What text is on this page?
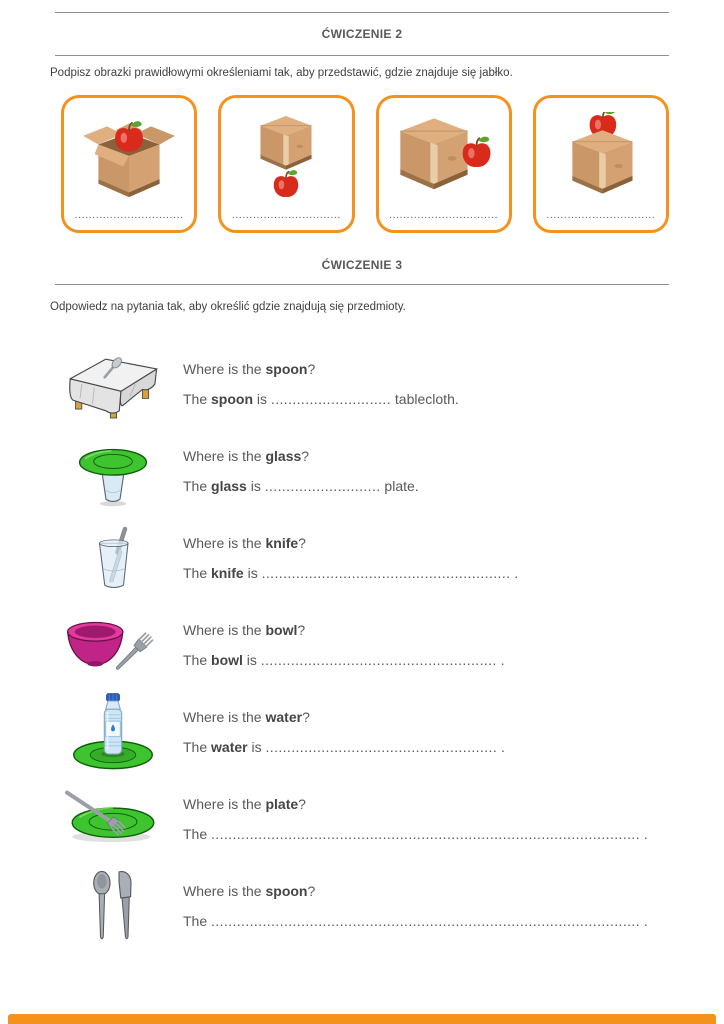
ĆWICZENIE 2
Podpisz obrazki prawidłowymi określeniami tak, aby przedstawić, gdzie znajduje się jabłko.
...............................	...............................	...............................	...............................
ĆWICZENIE 3
Odpowiedz na pytania tak, aby określić gdzie znajdują się przedmioty.

Where is the spoon?

The spoon is ............................ tablecloth.

Where is the glass?

The glass is ........................... plate.

Where is the knife?

The knife is .......................................................... .

Where is the bowl?

The bowl is ....................................................... .

Where is the water?

The water is ...................................................... .

Where is the plate?

The .................................................................................................... .

Where is the spoon?

The .................................................................................................... .
